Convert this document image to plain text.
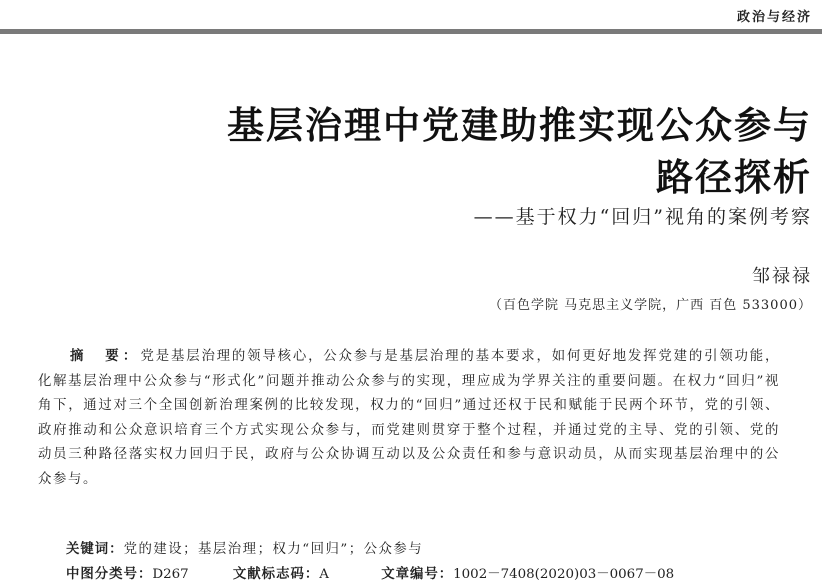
政治与经济
基层治理中党建助推实现公众参与
路径探析
——基于权力“回归”视角的案例考察
邹禄禄
（百色学院 马克思主义学院，广西 百色 533000）
摘　要：党是基层治理的领导核心，公众参与是基层治理的基本要求，如何更好地发挥党建的引领功能，化解基层治理中公众参与“形式化”问题并推动公众参与的实现，理应成为学界关注的重要问题。在权力“回归”视角下，通过对三个全国创新治理案例的比较发现，权力的“回归”通过还权于民和赋能于民两个环节，党的引领、政府推动和公众意识培育三个方式实现公众参与，而党建则贯穿于整个过程，并通过党的主导、党的引领、党的动员三种路径落实权力回归于民，政府与公众协调互动以及公众责任和参与意识动员，从而实现基层治理中的公众参与。
关键词：党的建设；基层治理；权力“回归”；公众参与
中图分类号：D267	文献标志码：A	文章编号：1002－7408(2020)03－0067－08
